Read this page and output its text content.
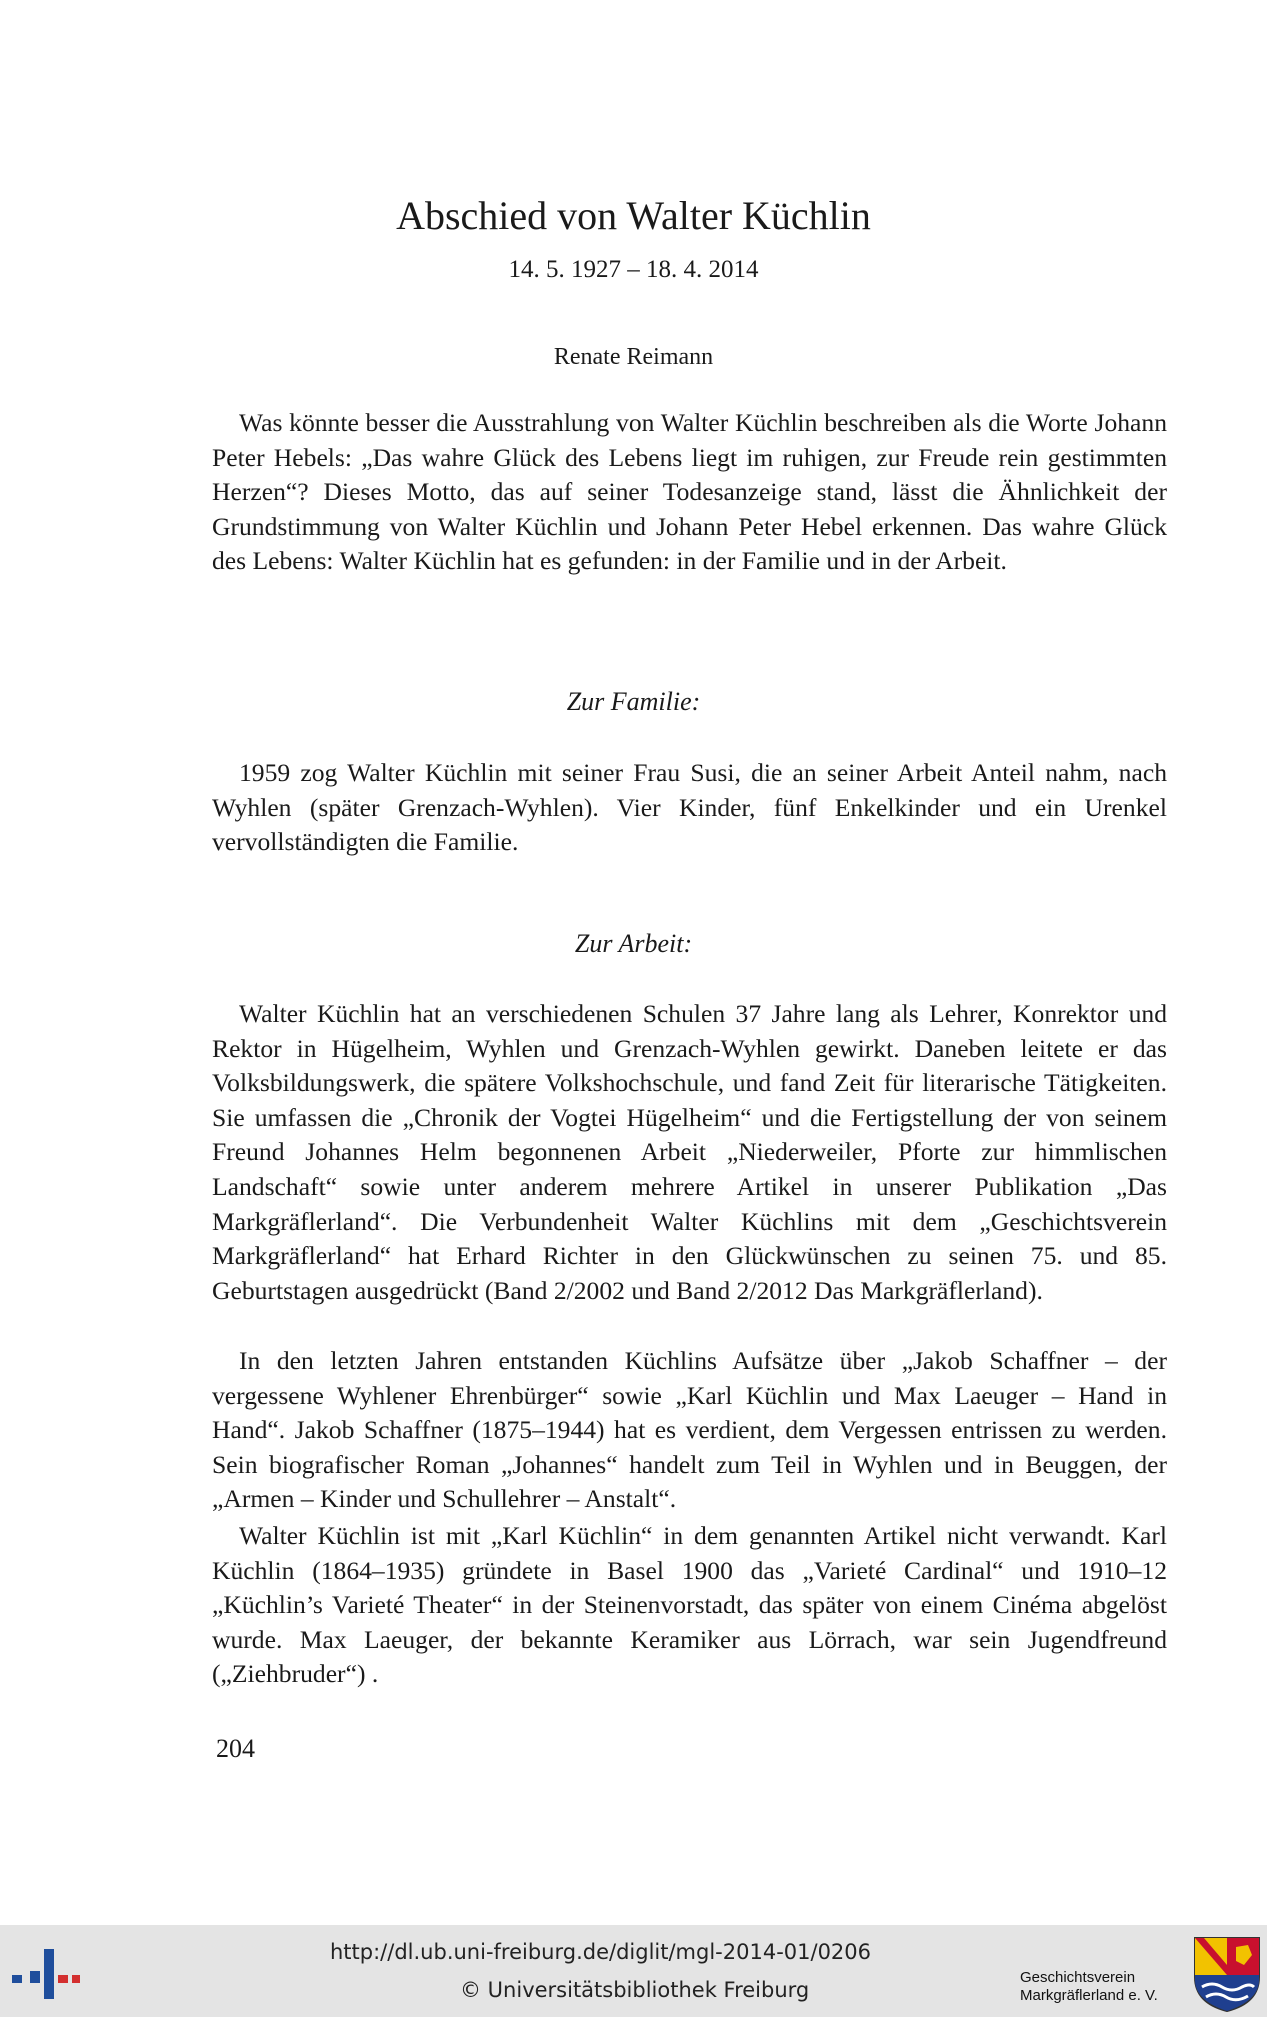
Abschied von Walter Küchlin
14. 5. 1927 – 18. 4. 2014
Renate Reimann

Was könnte besser die Ausstrahlung von Walter Küchlin beschreiben als die Worte Johann Peter Hebels: „Das wahre Glück des Lebens liegt im ruhigen, zur Freude rein gestimmten Herzen“? Dieses Motto, das auf seiner Todesanzeige stand, lässt die Ähnlichkeit der Grundstimmung von Walter Küchlin und Johann Peter Hebel erkennen. Das wahre Glück des Lebens: Walter Küchlin hat es gefunden: in der Familie und in der Arbeit.

Zur Familie:

1959 zog Walter Küchlin mit seiner Frau Susi, die an seiner Arbeit Anteil nahm, nach Wyhlen (später Grenzach-Wyhlen). Vier Kinder, fünf Enkelkinder und ein Urenkel vervollständigten die Familie.

Zur Arbeit:

Walter Küchlin hat an verschiedenen Schulen 37 Jahre lang als Lehrer, Konrektor und Rektor in Hügelheim, Wyhlen und Grenzach-Wyhlen gewirkt. Daneben leitete er das Volksbildungswerk, die spätere Volkshochschule, und fand Zeit für literarische Tätigkeiten. Sie umfassen die „Chronik der Vogtei Hügelheim“ und die Fertigstellung der von seinem Freund Johannes Helm begonnenen Arbeit „Niederweiler, Pforte zur himmlischen Landschaft“ sowie unter anderem mehrere Artikel in unserer Publikation „Das Markgräflerland“. Die Verbundenheit Walter Küchlins mit dem „Geschichtsverein Markgräflerland“ hat Erhard Richter in den Glückwünschen zu seinen 75. und 85. Geburtstagen ausgedrückt (Band 2/2002 und Band 2/2012 Das Markgräflerland).

In den letzten Jahren entstanden Küchlins Aufsätze über „Jakob Schaffner – der vergessene Wyhlener Ehrenbürger“ sowie „Karl Küchlin und Max Laeuger – Hand in Hand“. Jakob Schaffner (1875–1944) hat es verdient, dem Vergessen entrissen zu werden. Sein biografischer Roman „Johannes“ handelt zum Teil in Wyhlen und in Beuggen, der „Armen – Kinder und Schullehrer – Anstalt“.

Walter Küchlin ist mit „Karl Küchlin“ in dem genannten Artikel nicht verwandt. Karl Küchlin (1864–1935) gründete in Basel 1900 das „Varieté Cardinal“ und 1910–12 „Küchlin’s Varieté Theater“ in der Steinenvorstadt, das später von einem Cinéma abgelöst wurde. Max Laeuger, der bekannte Keramiker aus Lörrach, war sein Jugendfreund („Ziehbruder“) .

204
http://dl.ub.uni-freiburg.de/diglit/mgl-2014-01/0206
© Universitätsbibliothek Freiburg
Geschichtsverein
Markgräflerland e. V.
